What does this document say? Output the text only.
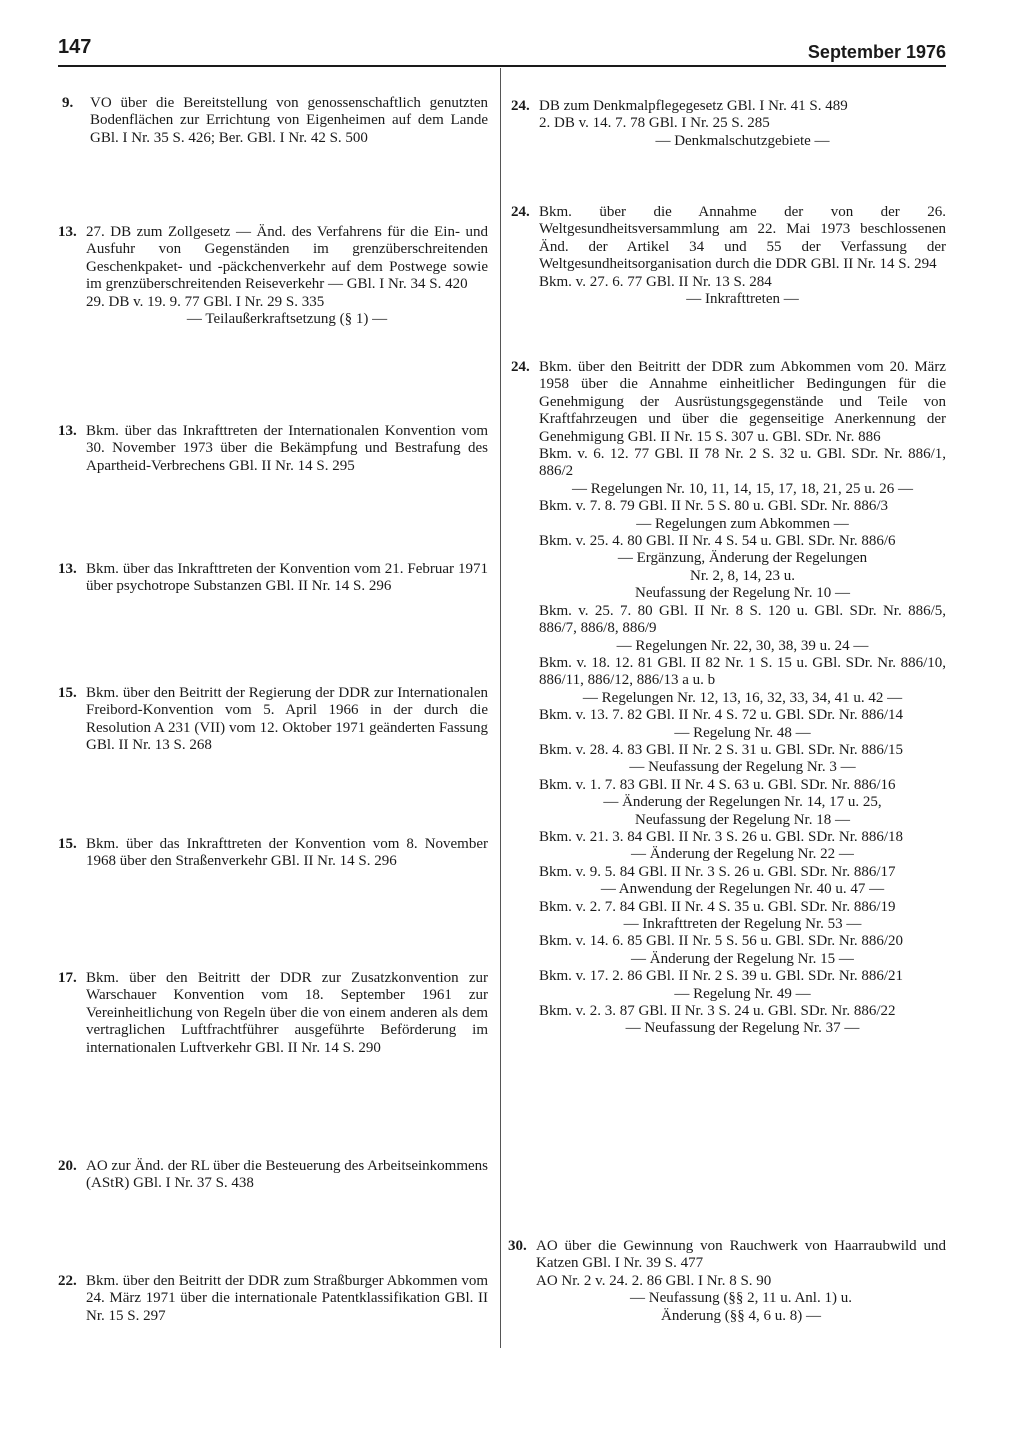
147	September 1976
9. VO über die Bereitstellung von genossenschaftlich genutzten Bodenflächen zur Errichtung von Eigenheimen auf dem Lande GBl. I Nr. 35 S. 426; Ber. GBl. I Nr. 42 S. 500

13. 27. DB zum Zollgesetz — Änd. des Verfahrens für die Ein- und Ausfuhr von Gegenständen im grenzüberschreitenden Geschenkpaket- und -päckchenverkehr auf dem Postwege sowie im grenzüberschreitenden Reiseverkehr — GBl. I Nr. 34 S. 420

29. DB v. 19. 9. 77 GBl. I Nr. 29 S. 335

— Teilaußerkraftsetzung (§ 1) —

13. Bkm. über das Inkrafttreten der Internationalen Konvention vom 30. November 1973 über die Bekämpfung und Bestrafung des Apartheid-Verbrechens GBl. II Nr. 14 S. 295

13. Bkm. über das Inkrafttreten der Konvention vom 21. Februar 1971 über psychotrope Substanzen GBl. II Nr. 14 S. 296

15. Bkm. über den Beitritt der Regierung der DDR zur Internationalen Freibord-Konvention vom 5. April 1966 in der durch die Resolution A 231 (VII) vom 12. Oktober 1971 geänderten Fassung GBl. II Nr. 13 S. 268

15. Bkm. über das Inkrafttreten der Konvention vom 8. November 1968 über den Straßenverkehr GBl. II Nr. 14 S. 296

17. Bkm. über den Beitritt der DDR zur Zusatzkonvention zur Warschauer Konvention vom 18. September 1961 zur Vereinheitlichung von Regeln über die von einem anderen als dem vertraglichen Luftfrachtführer ausgeführte Beförderung im internationalen Luftverkehr GBl. II Nr. 14 S. 290

20. AO zur Änd. der RL über die Besteuerung des Arbeitseinkommens (AStR) GBl. I Nr. 37 S. 438

22. Bkm. über den Beitritt der DDR zum Straßburger Abkommen vom 24. März 1971 über die internationale Patentklassifikation GBl. II Nr. 15 S. 297

24. DB zum Denkmalpflegegesetz GBl. I Nr. 41 S. 489

2. DB v. 14. 7. 78 GBl. I Nr. 25 S. 285

— Denkmalschutzgebiete —

24. Bkm. über die Annahme der von der 26. Weltgesundheitsversammlung am 22. Mai 1973 beschlossenen Änd. der Artikel 34 und 55 der Verfassung der Weltgesundheitsorganisation durch die DDR GBl. II Nr. 14 S. 294

Bkm. v. 27. 6. 77 GBl. II Nr. 13 S. 284

— Inkrafttreten —

24. Bkm. über den Beitritt der DDR zum Abkommen vom 20. März 1958 über die Annahme einheitlicher Bedingungen für die Genehmigung der Ausrüstungsgegenstände und Teile von Kraftfahrzeugen und über die gegenseitige Anerkennung der Genehmigung GBl. II Nr. 15 S. 307 u. GBl. SDr. Nr. 886

Bkm. v. 6. 12. 77 GBl. II 78 Nr. 2 S. 32 u. GBl. SDr. Nr. 886/1, 886/2

— Regelungen Nr. 10, 11, 14, 15, 17, 18, 21, 25 u. 26 —

Bkm. v. 7. 8. 79 GBl. II Nr. 5 S. 80 u. GBl. SDr. Nr. 886/3

— Regelungen zum Abkommen —

Bkm. v. 25. 4. 80 GBl. II Nr. 4 S. 54 u. GBl. SDr. Nr. 886/6

— Ergänzung, Änderung der Regelungen

Nr. 2, 8, 14, 23 u.

Neufassung der Regelung Nr. 10 —

Bkm. v. 25. 7. 80 GBl. II Nr. 8 S. 120 u. GBl. SDr. Nr. 886/5, 886/7, 886/8, 886/9

— Regelungen Nr. 22, 30, 38, 39 u. 24 —

Bkm. v. 18. 12. 81 GBl. II 82 Nr. 1 S. 15 u. GBl. SDr. Nr. 886/10, 886/11, 886/12, 886/13 a u. b

— Regelungen Nr. 12, 13, 16, 32, 33, 34, 41 u. 42 —

Bkm. v. 13. 7. 82 GBl. II Nr. 4 S. 72 u. GBl. SDr. Nr. 886/14

— Regelung Nr. 48 —

Bkm. v. 28. 4. 83 GBl. II Nr. 2 S. 31 u. GBl. SDr. Nr. 886/15

— Neufassung der Regelung Nr. 3 —

Bkm. v. 1. 7. 83 GBl. II Nr. 4 S. 63 u. GBl. SDr. Nr. 886/16

— Änderung der Regelungen Nr. 14, 17 u. 25,

Neufassung der Regelung Nr. 18 —

Bkm. v. 21. 3. 84 GBl. II Nr. 3 S. 26 u. GBl. SDr. Nr. 886/18

— Änderung der Regelung Nr. 22 —

Bkm. v. 9. 5. 84 GBl. II Nr. 3 S. 26 u. GBl. SDr. Nr. 886/17

— Anwendung der Regelungen Nr. 40 u. 47 —

Bkm. v. 2. 7. 84 GBl. II Nr. 4 S. 35 u. GBl. SDr. Nr. 886/19

— Inkrafttreten der Regelung Nr. 53 —

Bkm. v. 14. 6. 85 GBl. II Nr. 5 S. 56 u. GBl. SDr. Nr. 886/20

— Änderung der Regelung Nr. 15 —

Bkm. v. 17. 2. 86 GBl. II Nr. 2 S. 39 u. GBl. SDr. Nr. 886/21

— Regelung Nr. 49 —

Bkm. v. 2. 3. 87 GBl. II Nr. 3 S. 24 u. GBl. SDr. Nr. 886/22

— Neufassung der Regelung Nr. 37 —

30. AO über die Gewinnung von Rauchwerk von Haarraubwild und Katzen GBl. I Nr. 39 S. 477

AO Nr. 2 v. 24. 2. 86 GBl. I Nr. 8 S. 90

— Neufassung (§§ 2, 11 u. Anl. 1) u.

Änderung (§§ 4, 6 u. 8) —
